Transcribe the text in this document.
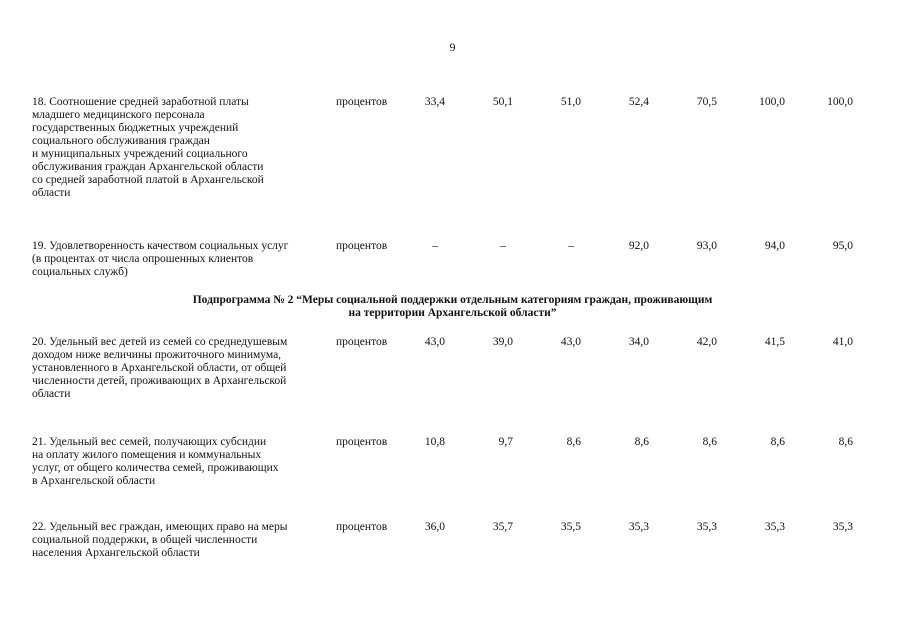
9
18. Соотношение средней заработной платы
младшего медицинского персонала
государственных бюджетных учреждений
социального обслуживания граждан
и муниципальных учреждений социального
обслуживания граждан Архангельской области
со средней заработной платой в Архангельской
области
процентов	33,4	50,1	51,0	52,4	70,5	100,0	100,0
19. Удовлетворенность качеством социальных услуг
(в процентах от числа опрошенных клиентов
социальных служб)
процентов	–	–	–	92,0	93,0	94,0	95,0
Подпрограмма № 2 “Меры социальной поддержки отдельным категориям граждан, проживающим
на территории Архангельской области”
20. Удельный вес детей из семей со среднедушевым
доходом ниже величины прожиточного минимума,
установленного в Архангельской области, от общей
численности детей, проживающих в Архангельской
области
процентов	43,0	39,0	43,0	34,0	42,0	41,5	41,0
21. Удельный вес семей, получающих субсидии
на оплату жилого помещения и коммунальных
услуг, от общего количества семей, проживающих
в Архангельской области
процентов	10,8	9,7	8,6	8,6	8,6	8,6	8,6
22. Удельный вес граждан, имеющих право на меры
социальной поддержки, в общей численности
населения Архангельской области
процентов	36,0	35,7	35,5	35,3	35,3	35,3	35,3
